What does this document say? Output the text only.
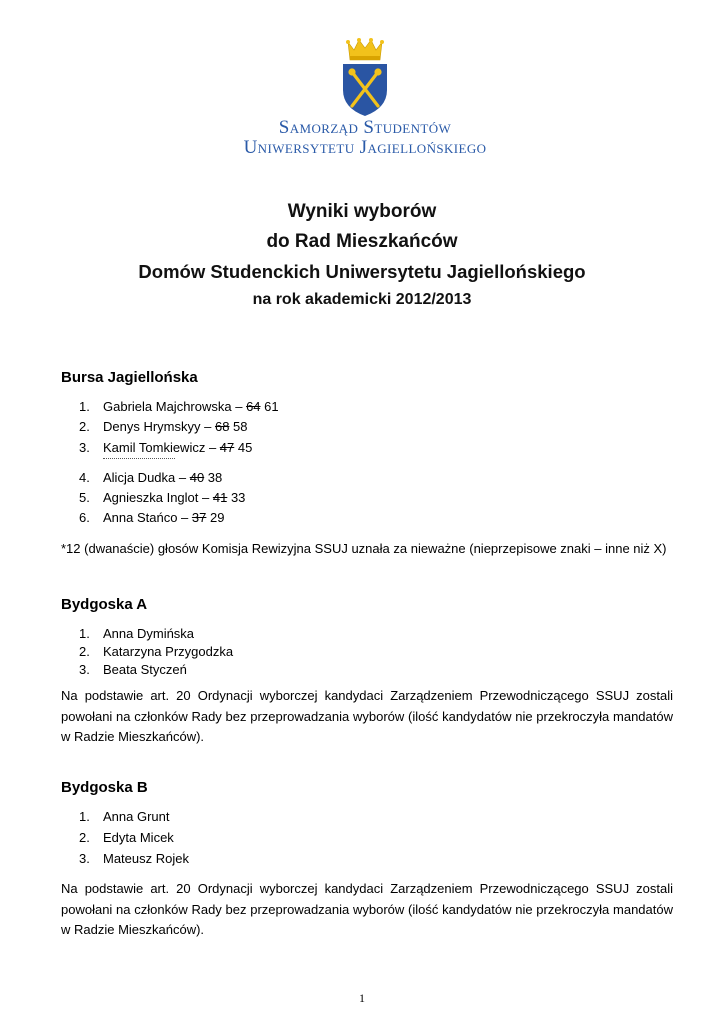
Samorząd Studentów
Uniwersytetu Jagiellońskiego
Wyniki wyborów
do Rad Mieszkańców
Domów Studenckich Uniwersytetu Jagiellońskiego
na rok akademicki 2012/2013
Bursa Jagiellońska
1. Gabriela Majchrowska – 64 61
2. Denys Hrymskyy – 68 58
3. Kamil Tomkiewicz – 47 45
4. Alicja Dudka – 40 38
5. Agnieszka Inglot – 41 33
6. Anna Stańco – 37 29
*12 (dwanaście) głosów Komisja Rewizyjna SSUJ uznała za nieważne (nieprzepisowe znaki – inne niż X)
Bydgoska A
1. Anna Dymińska
2. Katarzyna Przygodzka
3. Beata Styczeń
Na podstawie art. 20 Ordynacji wyborczej kandydaci Zarządzeniem Przewodniczącego SSUJ zostali powołani na członków Rady bez przeprowadzania wyborów (ilość kandydatów nie przekroczyła mandatów w Radzie Mieszkańców).
Bydgoska B
1. Anna Grunt
2. Edyta Micek
3. Mateusz Rojek
Na podstawie art. 20 Ordynacji wyborczej kandydaci Zarządzeniem Przewodniczącego SSUJ zostali powołani na członków Rady bez przeprowadzania wyborów (ilość kandydatów nie przekroczyła mandatów w Radzie Mieszkańców).
1
